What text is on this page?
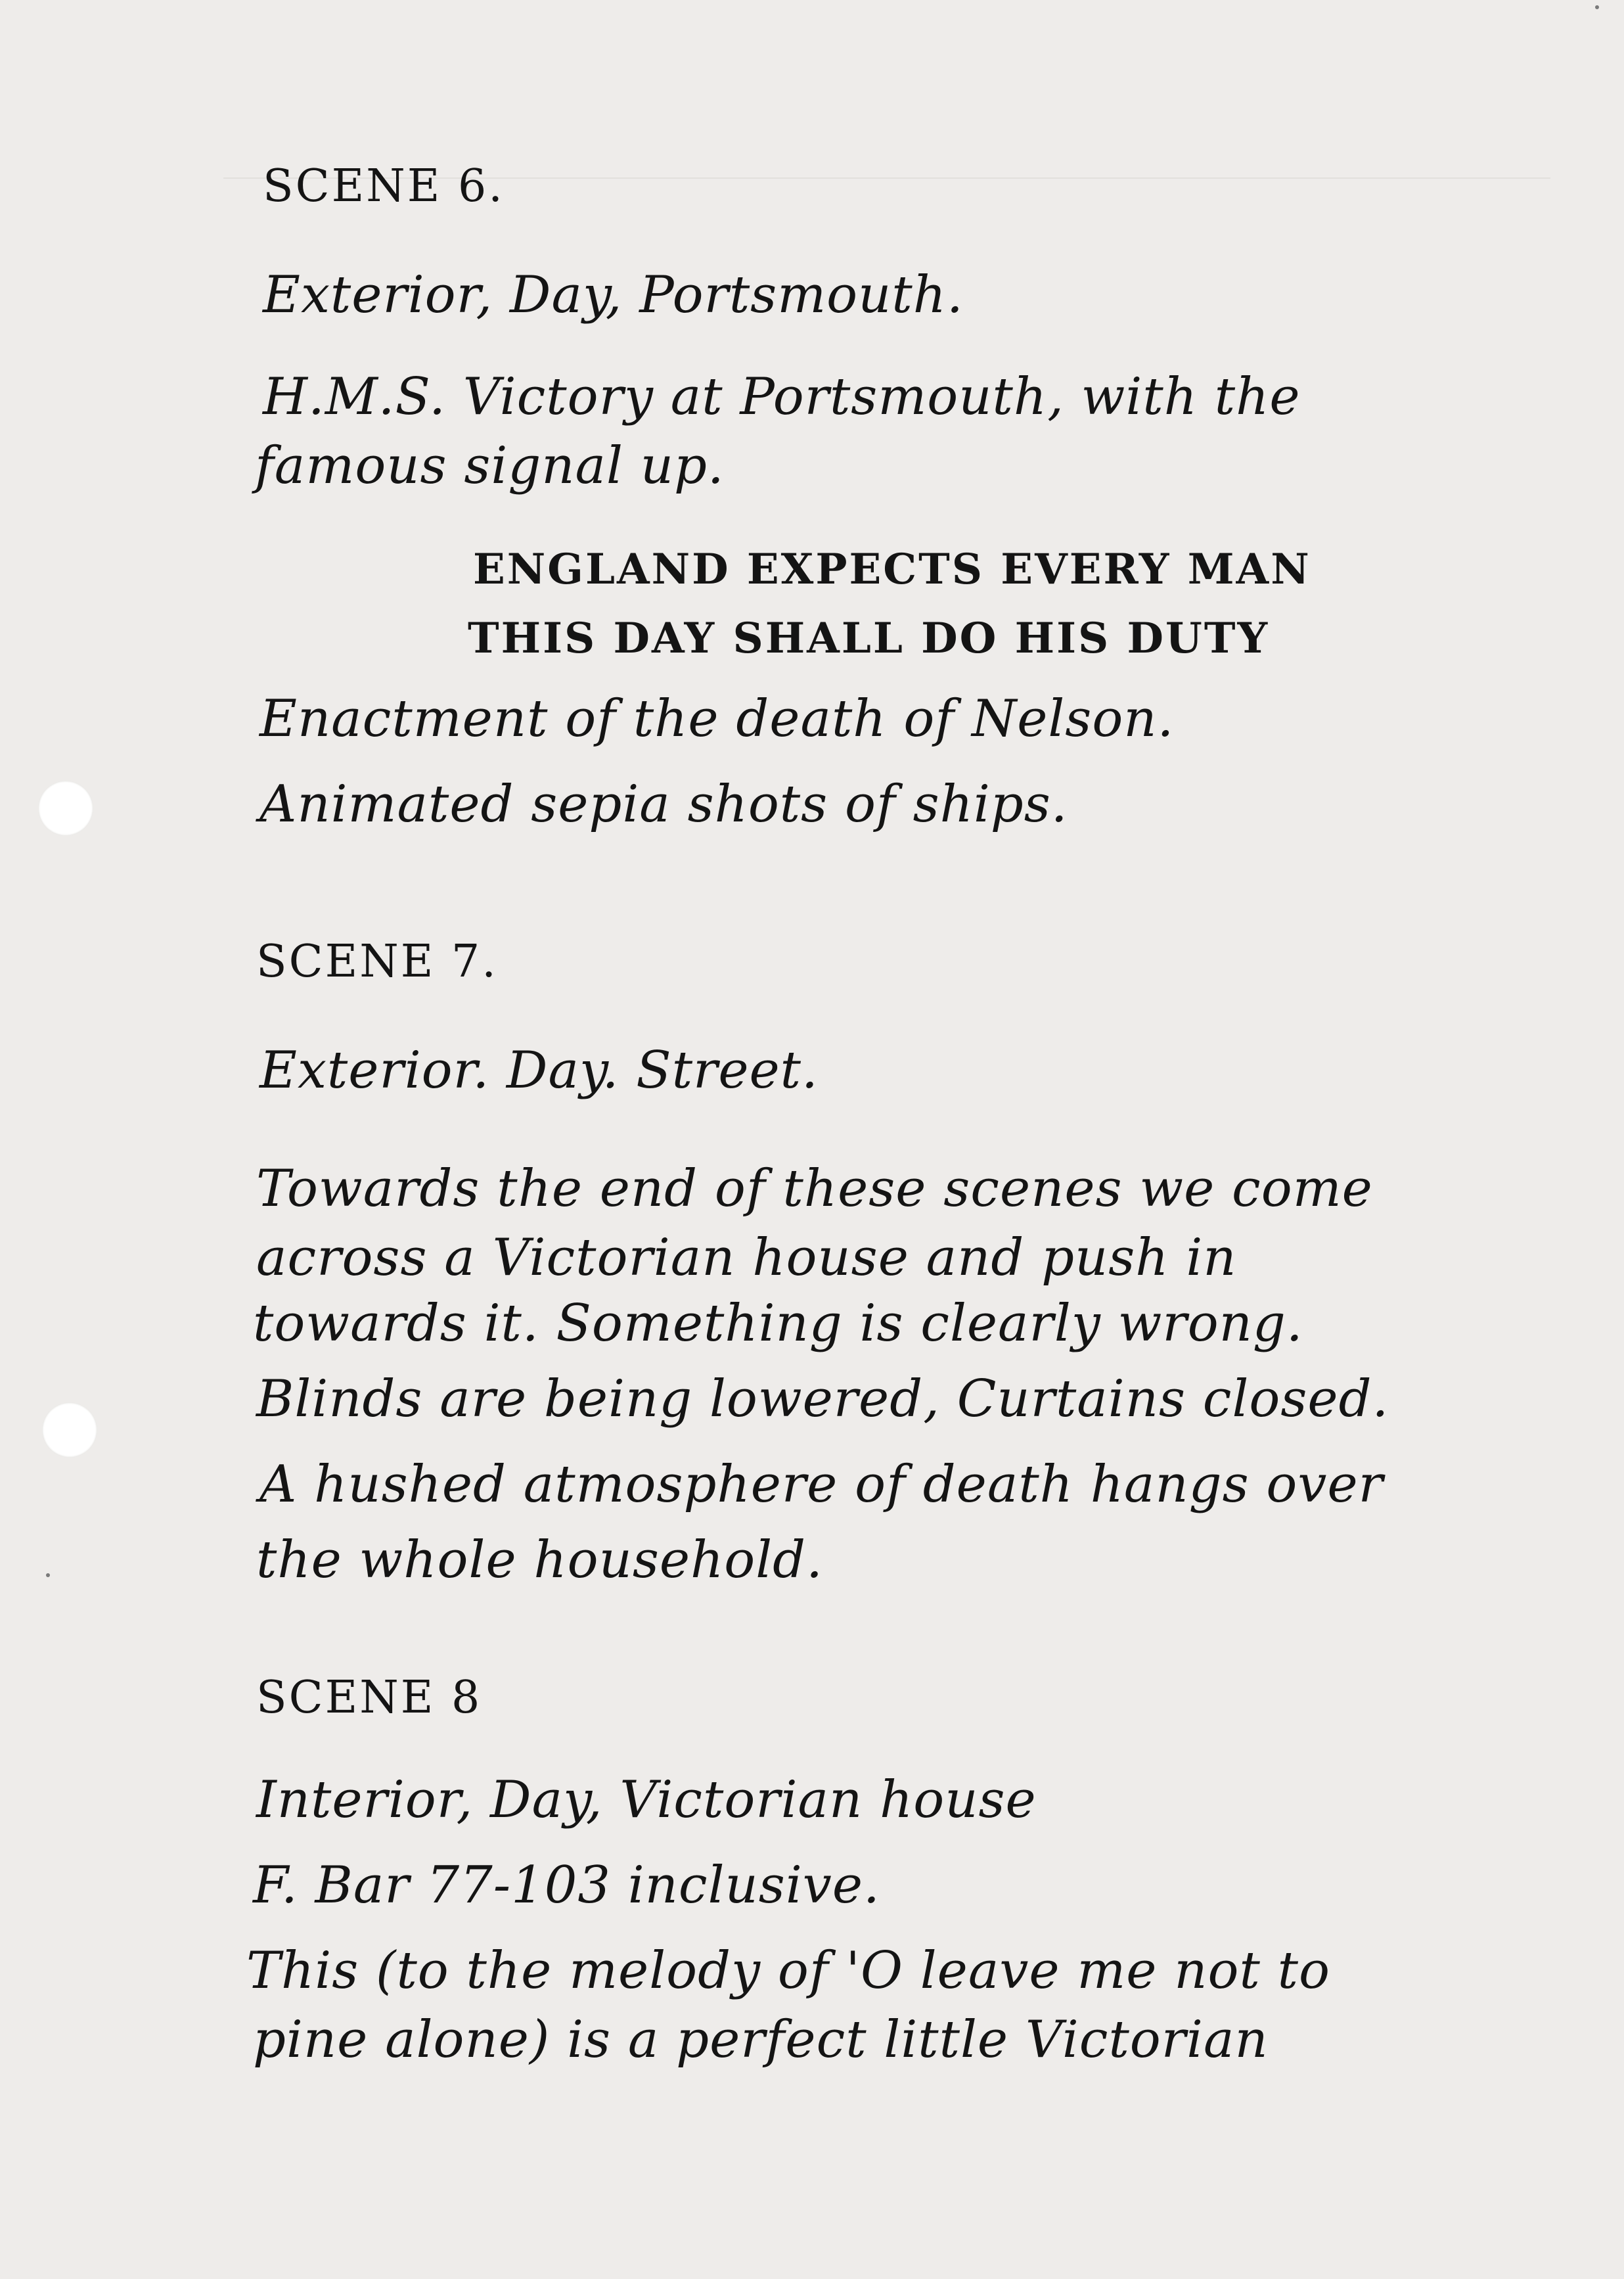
SCENE 6.
Exterior, Day, Portsmouth.
H.M.S. Victory at Portsmouth, with the
famous signal up.
ENGLAND EXPECTS EVERY MAN
THIS DAY SHALL DO HIS DUTY
Enactment of the death of Nelson.
Animated sepia shots of ships.
SCENE 7.
Exterior. Day. Street.
Towards the end of these scenes we come
across a Victorian house and push in
towards it. Something is clearly wrong.
Blinds are being lowered, Curtains closed.
A hushed atmosphere of death hangs over
the whole household.
SCENE 8
Interior, Day, Victorian house
F. Bar 77-103 inclusive.
This (to the melody of 'O leave me not to
pine alone) is a perfect little Victorian
